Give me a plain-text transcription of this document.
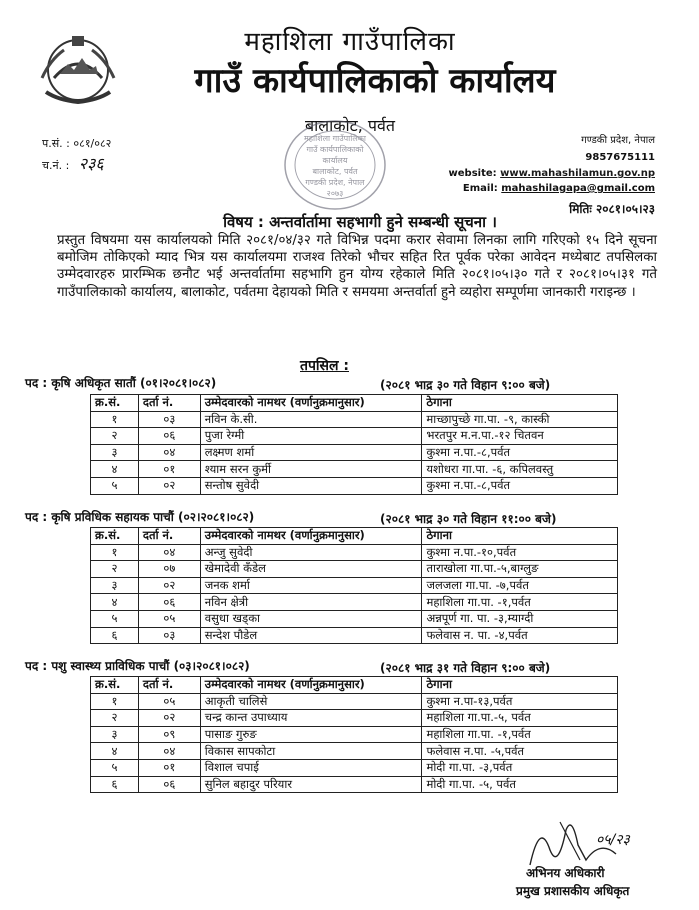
महाशिला गाउँपालिका
गाउँ कार्यपालिकाको कार्यालय
बालाकोट, पर्वत
प.सं. : ०८१/०८२
च.नं. : २३६
गण्डकी प्रदेश, नेपाल
9857675111
website: www.mahashilamun.gov.np
Email: mahashilagapa@gmail.com
मितिः २०८१।०५।२३
महाशिला गाउँपालिका
गाउँ कार्यपालिकाको कार्यालय
बालाकोट, पर्वत
गण्डकी प्रदेश, नेपाल
२०७३
विषय : अन्तर्वार्तामा सहभागी हुने सम्बन्धी सूचना ।
प्रस्तुत विषयमा यस कार्यालयको मिति २०८१/०४/३२ गते विभिन्न पदमा करार सेवामा लिनका लागि गरिएको १५ दिने सूचना बमोजिम तोकिएको म्याद भित्र यस कार्यालयमा राजश्व तिरेको भौचर सहित रित पूर्वक परेका आवेदन मध्येबाट तपसिलका उम्मेदवारहरु प्रारम्भिक छनौट भई अन्तर्वार्तामा सहभागि हुन योग्य रहेकाले मिति २०८१।०५।३० गते र २०८१।०५।३१ गते गाउँपालिकाको कार्यालय, बालाकोट, पर्वतमा देहायको मिति र समयमा अन्तर्वार्ता हुने व्यहोरा सम्पूर्णमा जानकारी गराइन्छ ।
तपसिल :
पद : कृषि अधिकृत सातौं (०१।२०८१।०८२)	(२०८१ भाद्र ३० गते विहान ९:०० बजे)
क्र.सं.	दर्ता नं.	उम्मेदवारको नामथर (वर्णानुक्रमानुसार)	ठेगाना
१	०३	नविन के.सी.	माच्छापुच्छे गा.पा. -९, कास्की
२	०६	पुजा रेग्मी	भरतपुर म.न.पा.-१२ चितवन
३	०४	लक्ष्मण शर्मा	कुश्मा न.पा.-८,पर्वत
४	०१	श्याम सरन कुर्मी	यशोधरा गा.पा. -६, कपिलवस्तु
५	०२	सन्तोष सुवेदी	कुश्मा न.पा.-८,पर्वत
पद : कृषि प्रविधिक सहायक पाचौं (०२।२०८१।०८२)	(२०८१ भाद्र ३० गते विहान ११:०० बजे)
क्र.सं.	दर्ता नं.	उम्मेदवारको नामथर (वर्णानुक्रमानुसार)	ठेगाना
१	०४	अन्जु सुवेदी	कुश्मा न.पा.-१०,पर्वत
२	०७	खेमादेवी कँडेल	ताराखोला गा.पा.-५,बाग्लुङ
३	०२	जनक शर्मा	जलजला गा.पा. -७,पर्वत
४	०६	नविन क्षेत्री	महाशिला गा.पा. -१,पर्वत
५	०५	वसुधा खड्का	अन्नपूर्ण गा. पा. -३,म्याग्दी
६	०३	सन्देश पौडेल	फलेवास न. पा. -४,पर्वत
पद : पशु स्वास्थ्य प्राविधिक पाचौं (०३।२०८१।०८२)	(२०८१ भाद्र ३१ गते विहान ९:०० बजे)
क्र.सं.	दर्ता नं.	उम्मेदवारको नामथर (वर्णानुक्रमानुसार)	ठेगाना
१	०५	आकृती चालिसे	कुश्मा न.पा-१३,पर्वत
२	०२	चन्द्र कान्त उपाध्याय	महाशिला गा.पा.-५, पर्वत
३	०९	पासाङ गुरुङ	महाशिला गा.पा. -१,पर्वत
४	०४	विकास सापकोटा	फलेवास न.पा. -५,पर्वत
५	०१	विशाल चपाई	मोदी गा.पा. -३,पर्वत
६	०६	सुनिल बहादुर परियार	मोदी गा.पा. -५, पर्वत
०५/२३
अभिनय अधिकारी
प्रमुख प्रशासकीय अधिकृत
